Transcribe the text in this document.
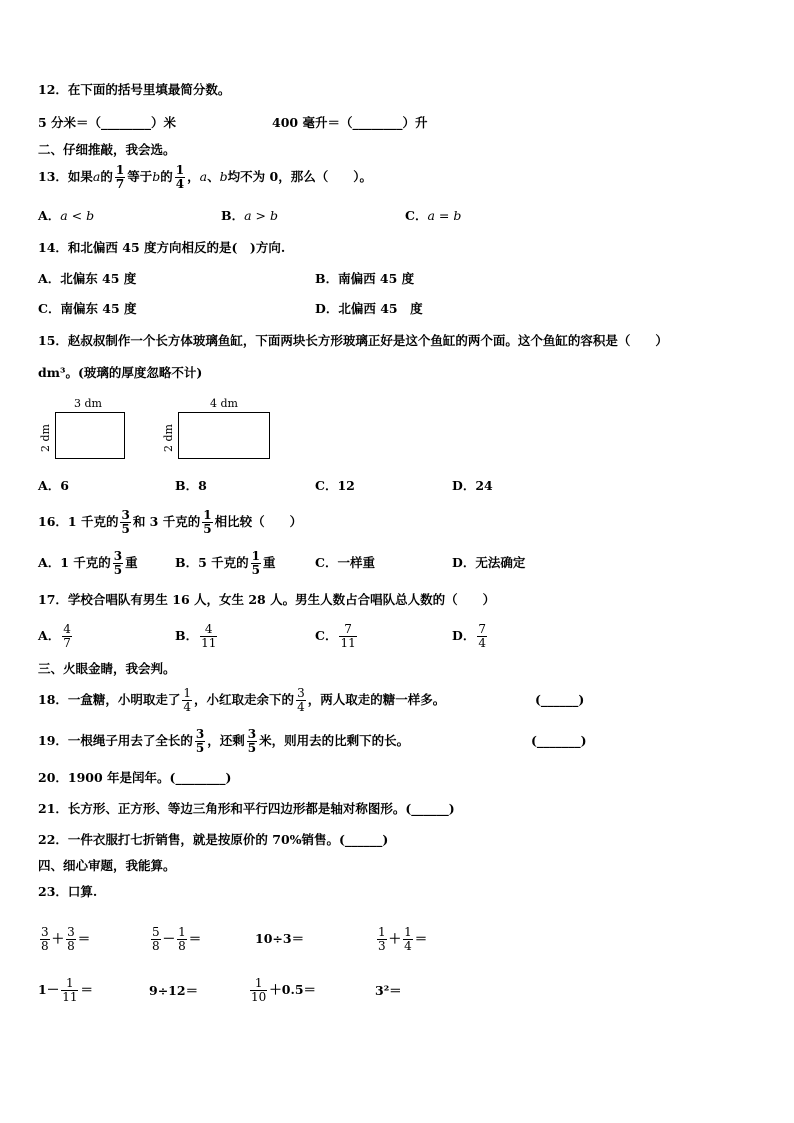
12．在下面的括号里填最简分数。
5 分米＝（________）米	400 毫升＝（________）升
二、仔细推敲，我会选。
13．如果a的 $\frac{1}{7}$ 等于b的 $\frac{1}{4}$ ，a、b均不为 0，那么（　　）。
A．a < b	B．a > b	C．a = b
14．和北偏西 45 度方向相反的是(　)方向.
A．北偏东 45 度	B．南偏西 45 度
C．南偏东 45 度	D．北偏西 45　度
15．赵叔叔制作一个长方体玻璃鱼缸，下面两块长方形玻璃正好是这个鱼缸的两个面。这个鱼缸的容积是（　　）
dm³。(玻璃的厚度忽略不计)
3 dm
2 dm
4 dm
2 dm
A．6	B．8	C．12	D．24
16．1 千克的 $\frac{3}{5}$ 和 3 千克的 $\frac{1}{5}$ 相比较（　　）
A．1 千克的 $\frac{3}{5}$ 重	B．5 千克的 $\frac{1}{5}$ 重	C．一样重	D．无法确定
17．学校合唱队有男生 16 人，女生 28 人。男生人数占合唱队总人数的（　　）
A． $\frac{4}{7}$	B． $\frac{4}{11}$	C． $\frac{7}{11}$	D． $\frac{7}{4}$
三、火眼金睛，我会判。
18．一盒糖，小明取走了 $\frac{1}{4}$ ，小红取走余下的 $\frac{3}{4}$ ，两人取走的糖一样多。	(______)
19．一根绳子用去了全长的 $\frac{3}{5}$ ，还剩 $\frac{3}{5}$ 米，则用去的比剩下的长。	(_______)
20．1900 年是闰年。(________)
21．长方形、正方形、等边三角形和平行四边形都是轴对称图形。(______)
22．一件衣服打七折销售，就是按原价的 70%销售。(______)
四、细心审题，我能算。
23．口算.
$\frac{3}{8} + \frac{3}{8}$ ＝	$\frac{5}{8} - \frac{1}{8}$ ＝	10÷3＝	$\frac{1}{3} + \frac{1}{4}$ ＝
$1- \frac{1}{11}$ ＝	9÷12＝	$\frac{1}{10} +0.5=$	3²＝
